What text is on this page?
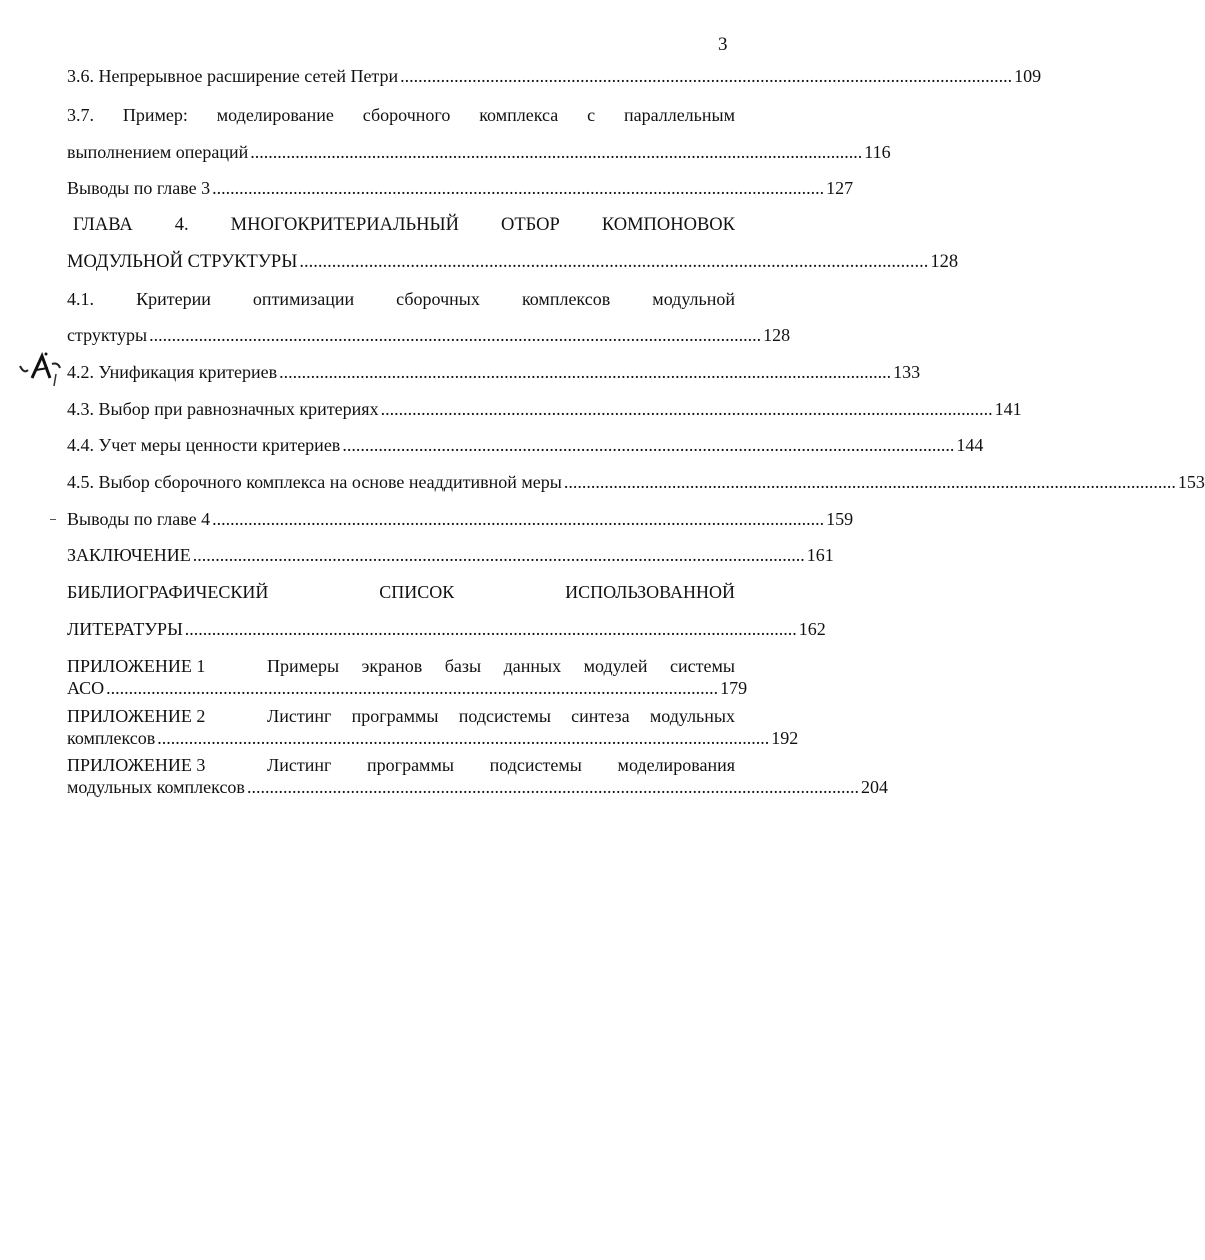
3
3.6. Непрерывное расширение сетей Петри ........................................................................................................................................ 109
3.7. Пример: моделирование сборочного комплекса с параллельным
выполнением операций ........................................................................................................................................ 116
Выводы по главе 3 ........................................................................................................................................ 127
ГЛАВА 4. МНОГОКРИТЕРИАЛЬНЫЙ ОТБОР КОМПОНОВОК
МОДУЛЬНОЙ СТРУКТУРЫ ........................................................................................................................................ 128
4.1. Критерии оптимизации сборочных комплексов модульной
структуры ........................................................................................................................................ 128
4.2. Унификация критериев ........................................................................................................................................ 133
4.3. Выбор при равнозначных критериях ........................................................................................................................................ 141
4.4. Учет меры ценности критериев ........................................................................................................................................ 144
4.5. Выбор сборочного комплекса на основе неаддитивной меры ........................................................................................................................................ 153
Выводы по главе 4 ........................................................................................................................................ 159
ЗАКЛЮЧЕНИЕ ........................................................................................................................................ 161
БИБЛИОГРАФИЧЕСКИЙ СПИСОК ИСПОЛЬЗОВАННОЙ
ЛИТЕРАТУРЫ ........................................................................................................................................ 162
ПРИЛОЖЕНИЕ 1	Примеры экранов базы данных модулей системы
АСО ........................................................................................................................................ 179
ПРИЛОЖЕНИЕ 2	Листинг программы подсистемы синтеза модульных
комплексов ........................................................................................................................................ 192
ПРИЛОЖЕНИЕ 3	Листинг программы подсистемы моделирования
модульных комплексов ........................................................................................................................................ 204
